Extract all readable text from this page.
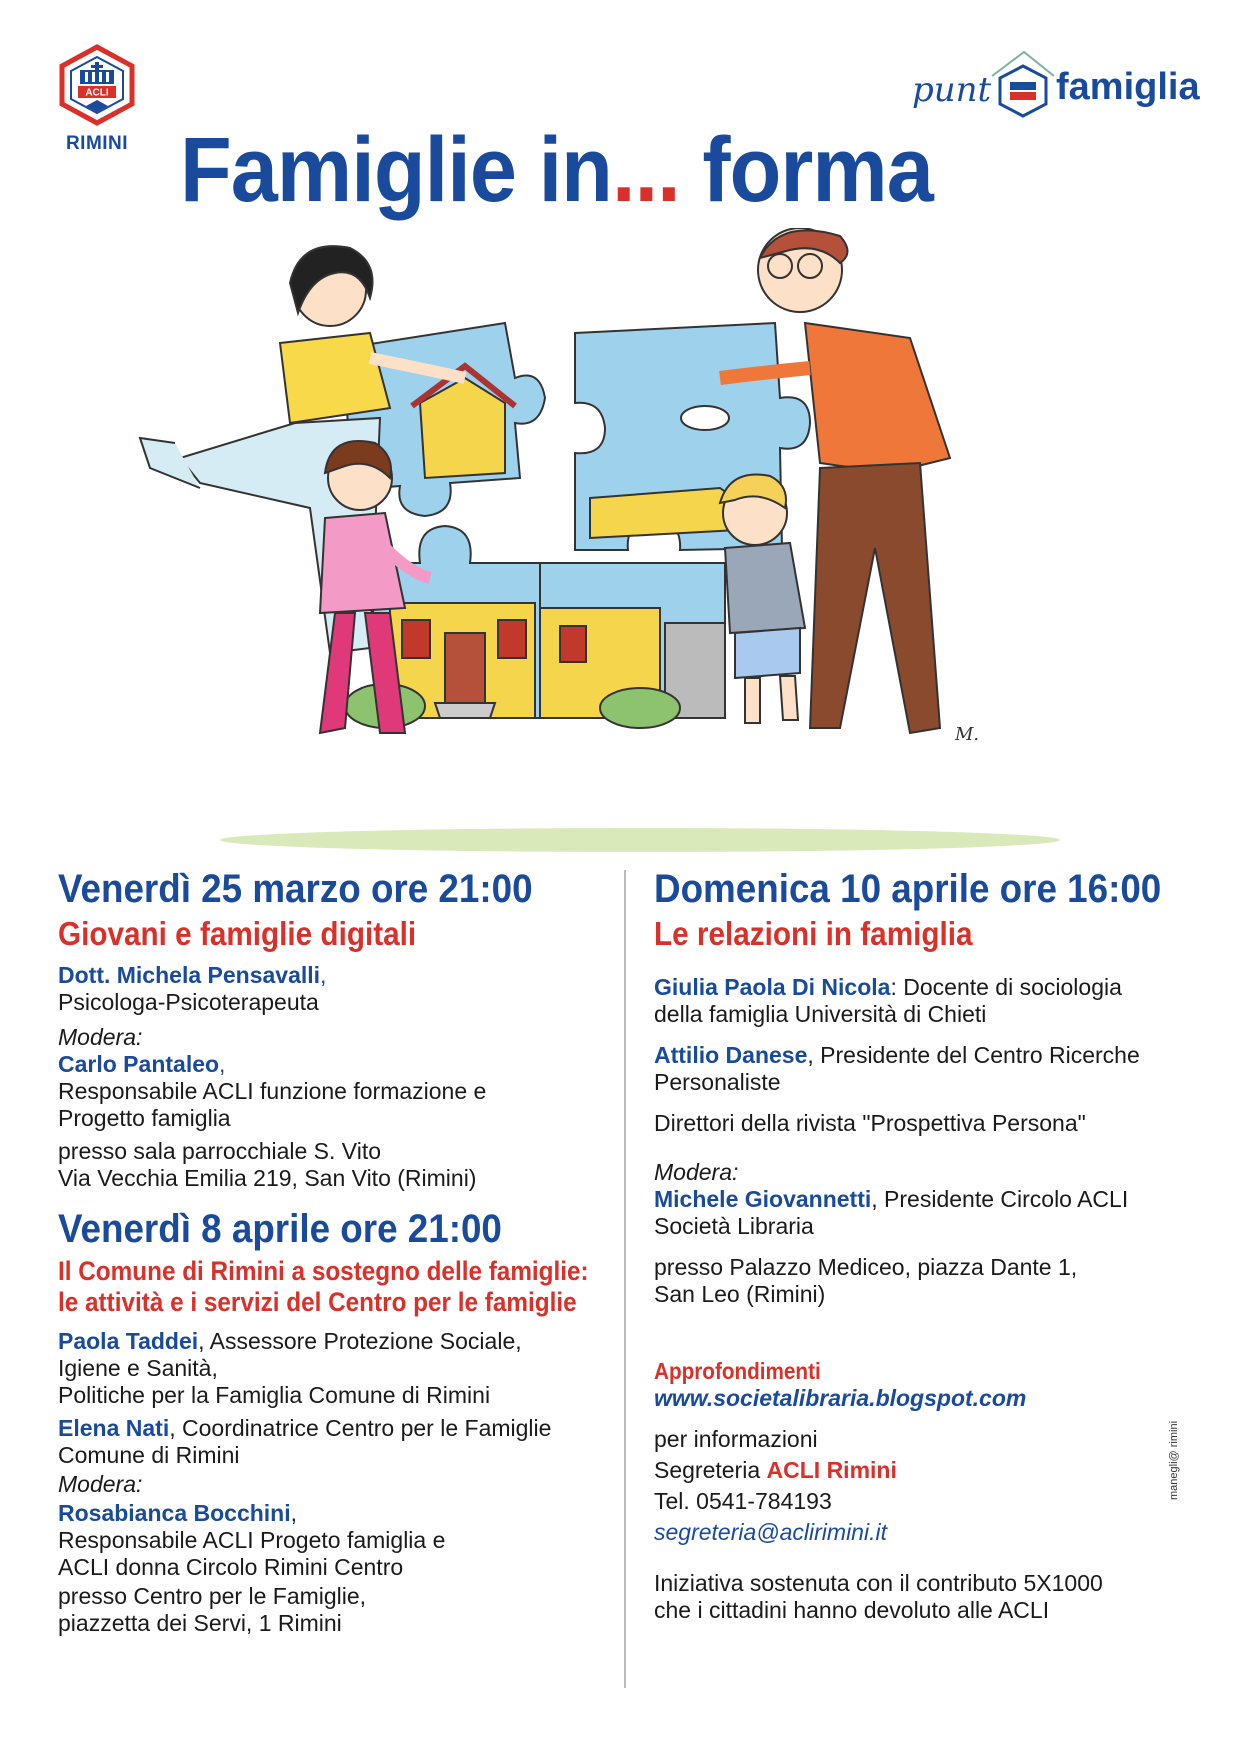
ACLI
RIMINI
punt famiglia
Famiglie in... forma
M.
Venerdì 25 marzo ore 21:00
Giovani e famiglie digitali
Dott. Michela Pensavalli,
Psicologa-Psicoterapeuta
Modera:
Carlo Pantaleo,
Responsabile ACLI funzione formazione e
Progetto famiglia
presso sala parrocchiale S. Vito
Via Vecchia Emilia 219, San Vito (Rimini)
Venerdì 8 aprile ore 21:00
Il Comune di Rimini a sostegno delle famiglie:
le attività e i servizi del Centro per le famiglie
Paola Taddei, Assessore Protezione Sociale,
Igiene e Sanità,
Politiche per la Famiglia Comune di Rimini
Elena Nati, Coordinatrice Centro per le Famiglie
Comune di Rimini
Modera:
Rosabianca Bocchini,
Responsabile ACLI Progeto famiglia e
ACLI donna Circolo Rimini Centro
presso Centro per le Famiglie,
piazzetta dei Servi, 1 Rimini
Domenica 10 aprile ore 16:00
Le relazioni in famiglia
Giulia Paola Di Nicola: Docente di sociologia
della famiglia Università di Chieti
Attilio Danese, Presidente del Centro Ricerche
Personaliste
Direttori della rivista "Prospettiva Persona"
Modera:
Michele Giovannetti, Presidente Circolo ACLI
Società Libraria
presso Palazzo Mediceo, piazza Dante 1,
San Leo (Rimini)
Approfondimenti
www.societalibraria.blogspot.com
per informazioni
Segreteria ACLI Rimini
Tel. 0541-784193
segreteria@aclirimini.it
Iniziativa sostenuta con il contributo 5X1000
che i cittadini hanno devoluto alle ACLI
manegli@ rimini
